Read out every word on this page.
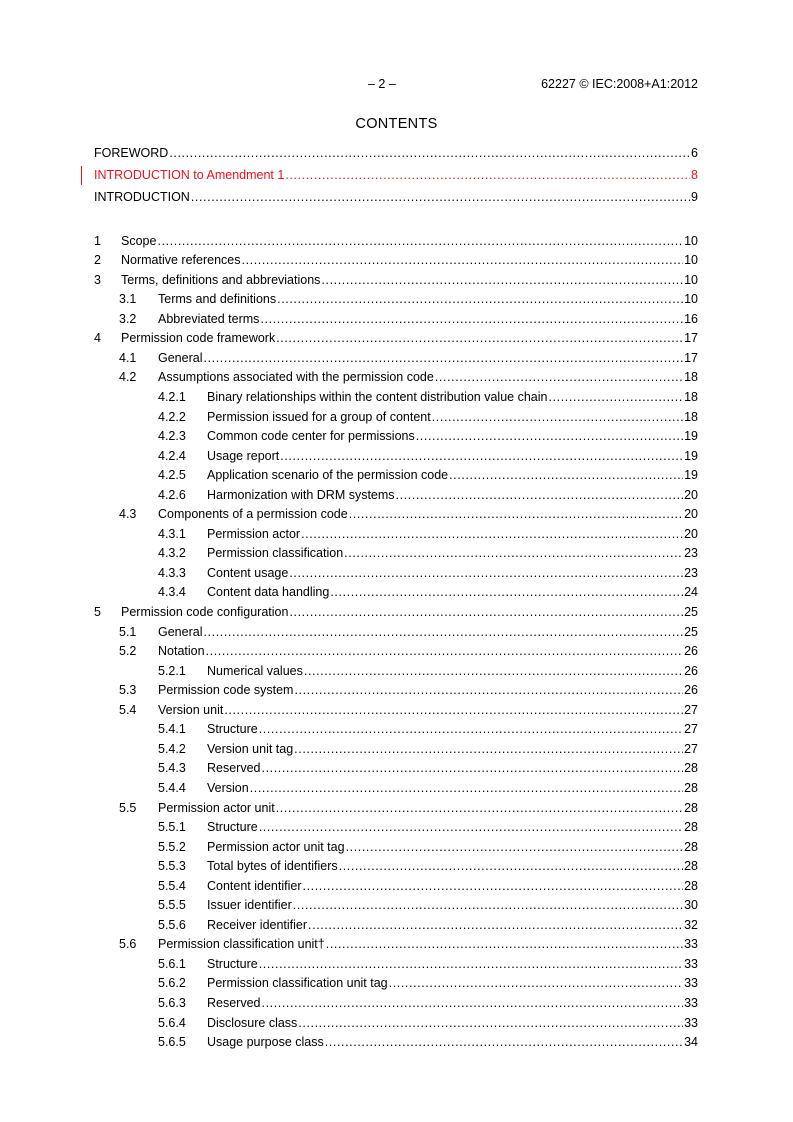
– 2 –	62227 © IEC:2008+A1:2012
CONTENTS
FOREWORD .....	6
INTRODUCTION to Amendment 1 .....	8
INTRODUCTION .....	9
1	Scope .....	10
2	Normative references .....	10
3	Terms, definitions and abbreviations .....	10
3.1	Terms and definitions .....	10
3.2	Abbreviated terms .....	16
4	Permission code framework .....	17
4.1	General .....	17
4.2	Assumptions associated with the permission code .....	18
4.2.1	Binary relationships within the content distribution value chain .....	18
4.2.2	Permission issued for a group of content .....	18
4.2.3	Common code center for permissions .....	19
4.2.4	Usage report .....	19
4.2.5	Application scenario of the permission code .....	19
4.2.6	Harmonization with DRM systems .....	20
4.3	Components of a permission code .....	20
4.3.1	Permission actor .....	20
4.3.2	Permission classification .....	23
4.3.3	Content usage .....	23
4.3.4	Content data handling .....	24
5	Permission code configuration .....	25
5.1	General .....	25
5.2	Notation .....	26
5.2.1	Numerical values .....	26
5.3	Permission code system .....	26
5.4	Version unit .....	27
5.4.1	Structure .....	27
5.4.2	Version unit tag .....	27
5.4.3	Reserved .....	28
5.4.4	Version .....	28
5.5	Permission actor unit .....	28
5.5.1	Structure .....	28
5.5.2	Permission actor unit tag .....	28
5.5.3	Total bytes of identifiers .....	28
5.5.4	Content identifier .....	28
5.5.5	Issuer identifier .....	30
5.5.6	Receiver identifier .....	32
5.6	Permission classification unit† .....	33
5.6.1	Structure .....	33
5.6.2	Permission classification unit tag .....	33
5.6.3	Reserved .....	33
5.6.4	Disclosure class .....	33
5.6.5	Usage purpose class .....	34
